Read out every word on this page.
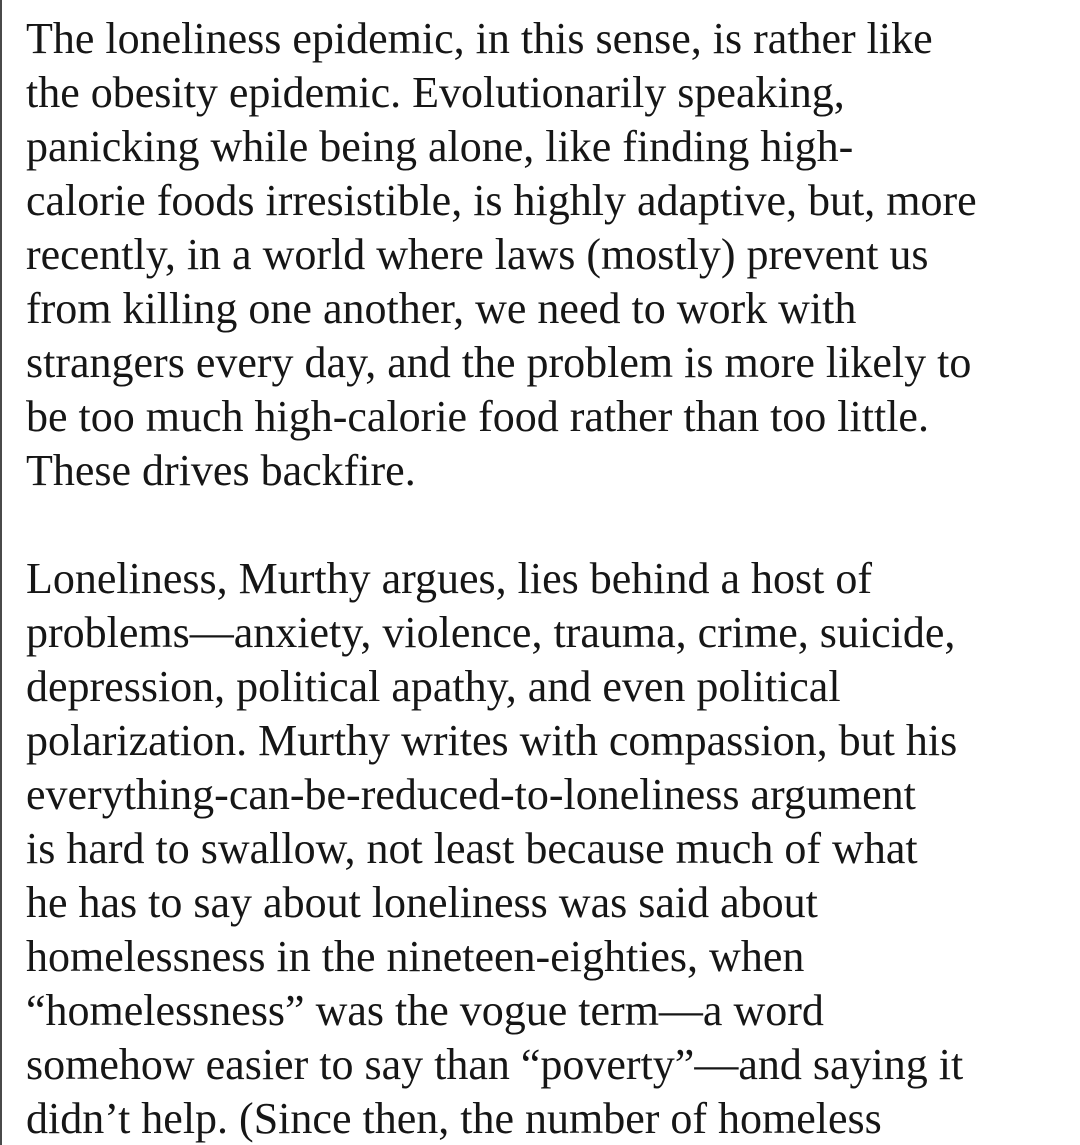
The loneliness epidemic, in this sense, is rather like
the obesity epidemic. Evolutionarily speaking,
panicking while being alone, like finding high-
calorie foods irresistible, is highly adaptive, but, more
recently, in a world where laws (mostly) prevent us
from killing one another, we need to work with
strangers every day, and the problem is more likely to
be too much high-calorie food rather than too little.
These drives backfire.

Loneliness, Murthy argues, lies behind a host of
problems—anxiety, violence, trauma, crime, suicide,
depression, political apathy, and even political
polarization. Murthy writes with compassion, but his
everything-can-be-reduced-to-loneliness argument
is hard to swallow, not least because much of what
he has to say about loneliness was said about
homelessness in the nineteen-eighties, when
“homelessness” was the vogue term—a word
somehow easier to say than “poverty”—and saying it
didn’t help. (Since then, the number of homeless
